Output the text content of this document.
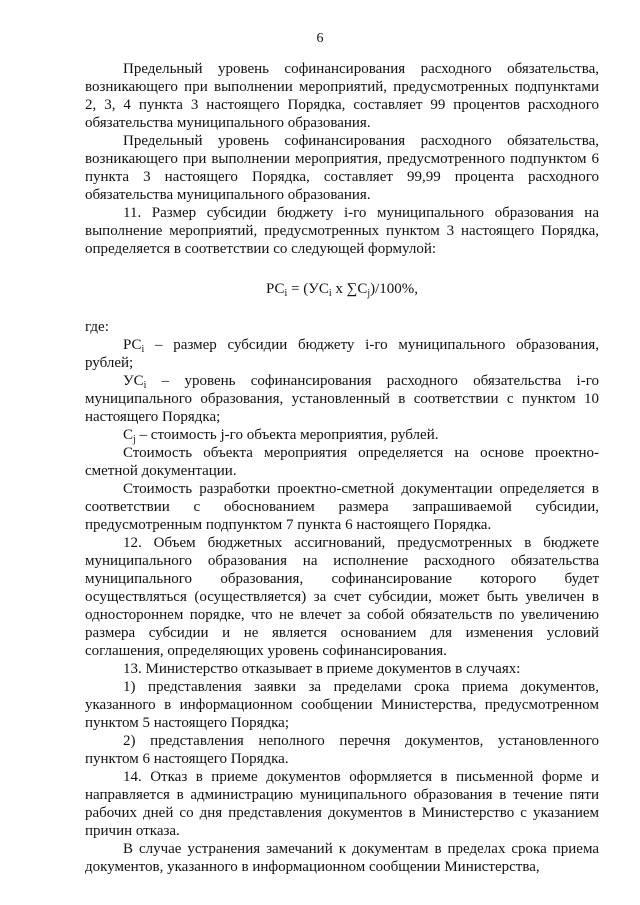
6

Предельный уровень софинансирования расходного обязательства, возникающего при выполнении мероприятий, предусмотренных подпунктами 2, 3, 4 пункта 3 настоящего Порядка, составляет 99 процентов расходного обязательства муниципального образования.

Предельный уровень софинансирования расходного обязательства, возникающего при выполнении мероприятия, предусмотренного подпунктом 6 пункта 3 настоящего Порядка, составляет 99,99 процента расходного обязательства муниципального образования.

11. Размер субсидии бюджету i-го муниципального образования на выполнение мероприятий, предусмотренных пунктом 3 настоящего Порядка, определяется в соответствии со следующей формулой:

$РС_i = (УС_i$ x $\sum С_j)/100\%$,

где:

$РС_i$ – размер субсидии бюджету i-го муниципального образования, рублей;

$УС_i$ – уровень софинансирования расходного обязательства i-го муниципального образования, установленный в соответствии с пунктом 10 настоящего Порядка;

$С_j$ – стоимость j-го объекта мероприятия, рублей.

Стоимость объекта мероприятия определяется на основе проектно-сметной документации.

Стоимость разработки проектно-сметной документации определяется в соответствии с обоснованием размера запрашиваемой субсидии, предусмотренным подпунктом 7 пункта 6 настоящего Порядка.

12. Объем бюджетных ассигнований, предусмотренных в бюджете муниципального образования на исполнение расходного обязательства муниципального образования, софинансирование которого будет осуществляться (осуществляется) за счет субсидии, может быть увеличен в одностороннем порядке, что не влечет за собой обязательств по увеличению размера субсидии и не является основанием для изменения условий соглашения, определяющих уровень софинансирования.

13. Министерство отказывает в приеме документов в случаях:

1) представления заявки за пределами срока приема документов, указанного в информационном сообщении Министерства, предусмотренном пунктом 5 настоящего Порядка;

2) представления неполного перечня документов, установленного пунктом 6 настоящего Порядка.

14. Отказ в приеме документов оформляется в письменной форме и направляется в администрацию муниципального образования в течение пяти рабочих дней со дня представления документов в Министерство с указанием причин отказа.

В случае устранения замечаний к документам в пределах срока приема документов, указанного в информационном сообщении Министерства,
